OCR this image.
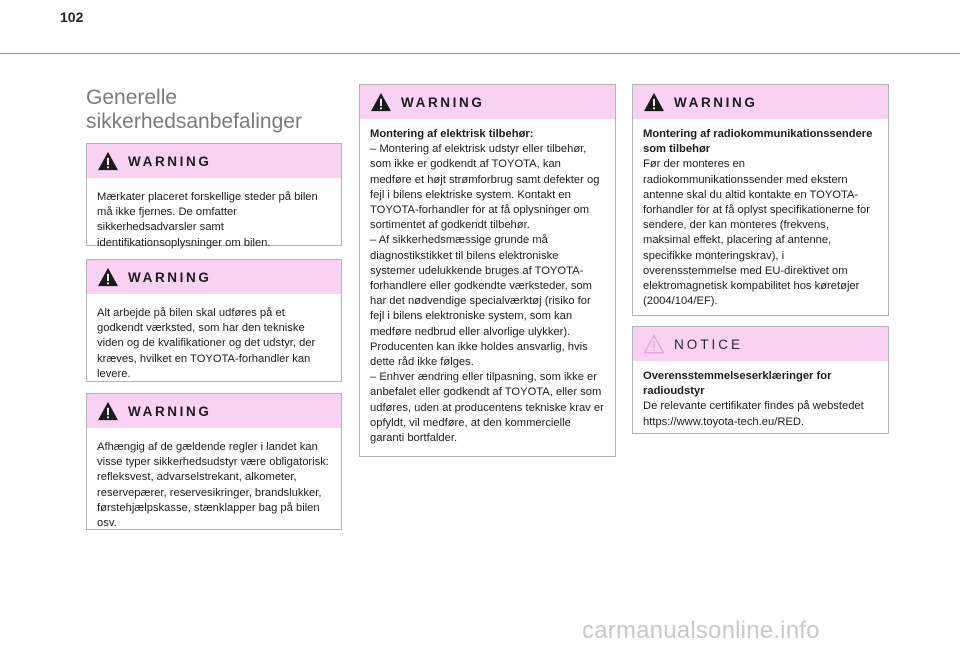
102
Generelle sikkerhedsanbefalinger
WARNING

Mærkater placeret forskellige steder på bilen må ikke fjernes. De omfatter sikkerhedsadvarsler samt identifikationsoplysninger om bilen.

WARNING

Alt arbejde på bilen skal udføres på et godkendt værksted, som har den tekniske viden og de kvalifikationer og det udstyr, der kræves, hvilket en TOYOTA-forhandler kan levere.

WARNING

Afhængig af de gældende regler i landet kan visse typer sikkerhedsudstyr være obligatorisk: refleksvest, advarselstrekant, alkometer, reservepærer, reservesikringer, brandslukker, førstehjælpskasse, stænklapper bag på bilen osv.

WARNING

Montering af elektrisk tilbehør:

– Montering af elektrisk udstyr eller tilbehør, som ikke er godkendt af TOYOTA, kan medføre et højt strømforbrug samt defekter og fejl i bilens elektriske system. Kontakt en TOYOTA-forhandler for at få oplysninger om sortimentet af godkendt tilbehør.

– Af sikkerhedsmæssige grunde må diagnostikstikket til bilens elektroniske systemer udelukkende bruges af TOYOTA-forhandlere eller godkendte værksteder, som har det nødvendige specialværktøj (risiko for fejl i bilens elektroniske system, som kan medføre nedbrud eller alvorlige ulykker). Producenten kan ikke holdes ansvarlig, hvis dette råd ikke følges.

– Enhver ændring eller tilpasning, som ikke er anbefalet eller godkendt af TOYOTA, eller som udføres, uden at producentens tekniske krav er opfyldt, vil medføre, at den kommercielle garanti bortfalder.

WARNING

Montering af radiokommunikationssendere som tilbehør

Før der monteres en radiokommunikationssender med ekstern antenne skal du altid kontakte en TOYOTA-forhandler for at få oplyst specifikationerne for sendere, der kan monteres (frekvens, maksimal effekt, placering af antenne, specifikke monteringskrav), i overensstemmelse med EU-direktivet om elektromagnetisk kompabilitet hos køretøjer (2004/104/EF).

NOTICE

Overensstemmelseserklæringer for radioudstyr

De relevante certifikater findes på webstedet https://www.toyota-tech.eu/RED.

carmanualsonline.info
